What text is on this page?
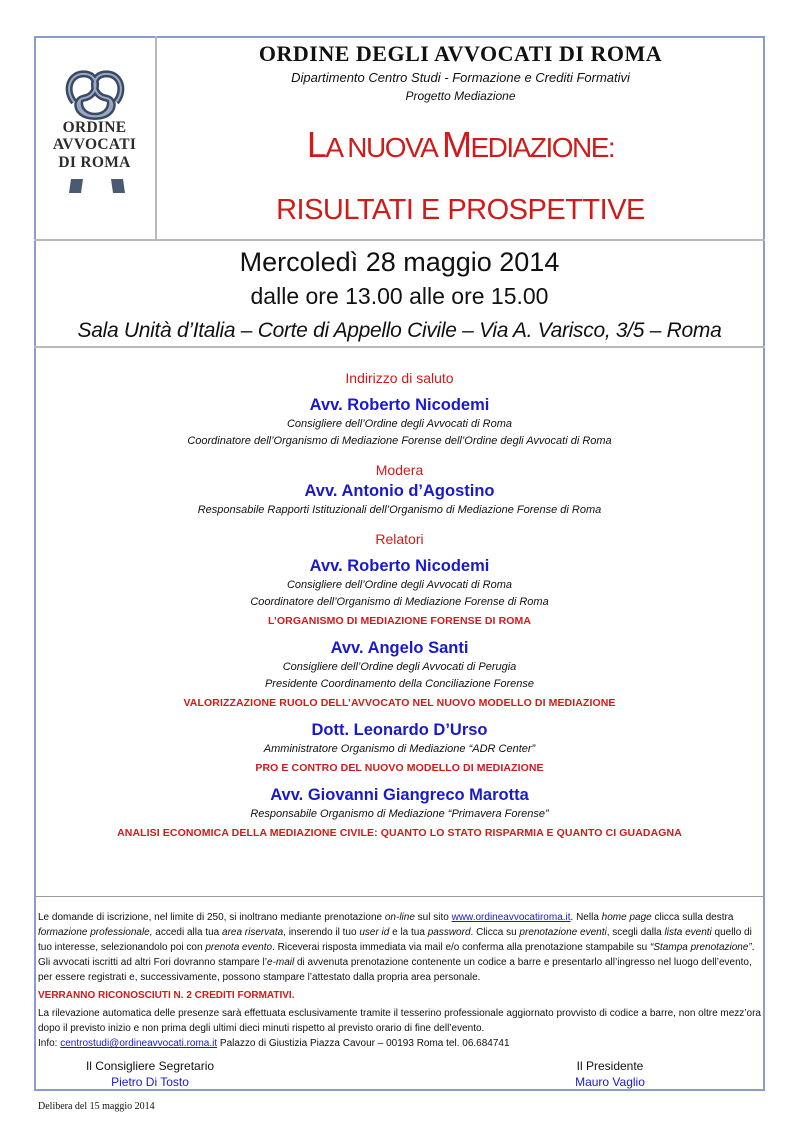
ORDINE
AVVOCATI
DI ROMA
ORDINE DEGLI AVVOCATI DI ROMA
Dipartimento Centro Studi - Formazione e Crediti Formativi
Progetto Mediazione
LA NUOVA MEDIAZIONE:
RISULTATI E PROSPETTIVE
Mercoledì 28 maggio 2014
dalle ore 13.00 alle ore 15.00
Sala Unità d’Italia – Corte di Appello Civile – Via A. Varisco, 3/5 – Roma
Indirizzo di saluto
Avv. Roberto Nicodemi
Consigliere dell’Ordine degli Avvocati di Roma
Coordinatore dell’Organismo di Mediazione Forense dell’Ordine degli Avvocati di Roma
Modera
Avv. Antonio d’Agostino
Responsabile Rapporti Istituzionali dell’Organismo di Mediazione Forense di Roma
Relatori
Avv. Roberto Nicodemi
Consigliere dell’Ordine degli Avvocati di Roma
Coordinatore dell’Organismo di Mediazione Forense di Roma
L’ORGANISMO DI MEDIAZIONE FORENSE DI ROMA
Avv. Angelo Santi
Consigliere dell’Ordine degli Avvocati di Perugia
Presidente Coordinamento della Conciliazione Forense
VALORIZZAZIONE RUOLO DELL’AVVOCATO NEL NUOVO MODELLO DI MEDIAZIONE
Dott. Leonardo D’Urso
Amministratore Organismo di Mediazione “ADR Center”
PRO E CONTRO DEL NUOVO MODELLO DI MEDIAZIONE
Avv. Giovanni Giangreco Marotta
Responsabile Organismo di Mediazione “Primavera Forense”
ANALISI ECONOMICA DELLA MEDIAZIONE CIVILE: QUANTO LO STATO RISPARMIA E QUANTO CI GUADAGNA

Le domande di iscrizione, nel limite di 250, si inoltrano mediante prenotazione on-line sul sito www.ordineavvocatiroma.it. Nella home page clicca sulla destra formazione professionale, accedi alla tua area riservata, inserendo il tuo user id e la tua password. Clicca su prenotazione eventi, scegli dalla lista eventi quello di tuo interesse, selezionandolo poi con prenota evento. Riceverai risposta immediata via mail e/o conferma alla prenotazione stampabile su “Stampa prenotazione”. Gli avvocati iscritti ad altri Fori dovranno stampare l’e-mail di avvenuta prenotazione contenente un codice a barre e presentarlo all’ingresso nel luogo dell’evento, per essere registrati e, successivamente, possono stampare l’attestato dalla propria area personale.

VERRANNO RICONOSCIUTI N. 2 CREDITI FORMATIVI.

La rilevazione automatica delle presenze sarà effettuata esclusivamente tramite il tesserino professionale aggiornato provvisto di codice a barre, non oltre mezz’ora dopo il previsto inizio e non prima degli ultimi dieci minuti rispetto al previsto orario di fine dell’evento.

Info: centrostudi@ordineavvocati.roma.it Palazzo di Giustizia Piazza Cavour – 00193 Roma tel. 06.684741

Il Consigliere Segretario
Pietro Di Tosto
Il Presidente
Mauro Vaglio
Delibera del 15 maggio 2014
